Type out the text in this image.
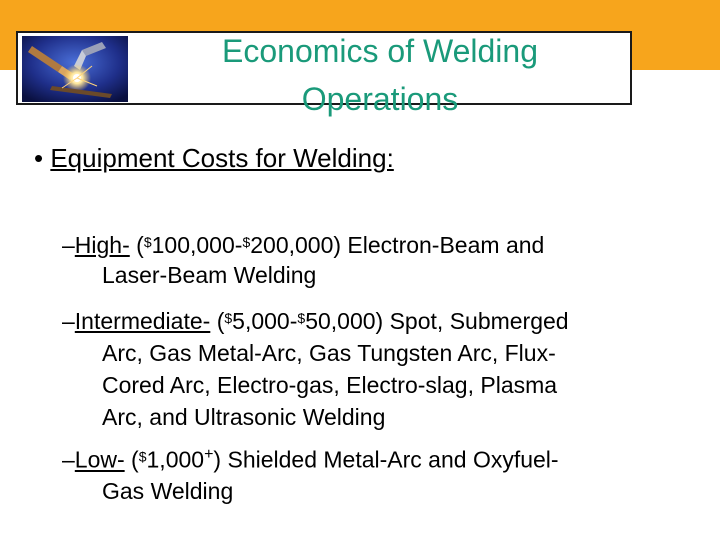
Economics of Welding
Operations
• Equipment Costs for Welding:
–High- ($100,000-$200,000) Electron-Beam and
Laser-Beam Welding
–Intermediate- ($5,000-$50,000) Spot, Submerged
Arc, Gas Metal-Arc, Gas Tungsten Arc, Flux-
Cored Arc, Electro-gas, Electro-slag, Plasma
Arc, and Ultrasonic Welding
–Low- ($1,000+) Shielded Metal-Arc and Oxyfuel-
Gas Welding
